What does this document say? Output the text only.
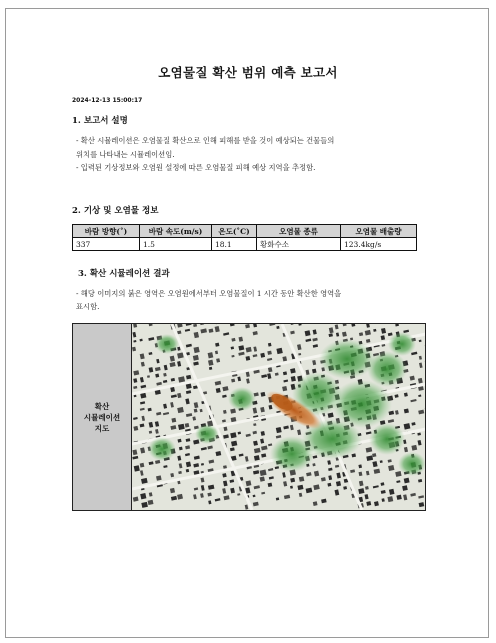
오염물질 확산 범위 예측 보고서
2024-12-13 15:00:17
1. 보고서 설명
- 확산 시뮬레이션은 오염물질 확산으로 인해 피해를 받을 것이 예상되는 건물들의
위치를 나타내는 시뮬레이션임.
- 입력된 기상정보와 오염원 설정에 따른 오염물질 피해 예상 지역을 추정함.
2. 기상 및 오염물 정보
바람 방향(˚)	바람 속도(m/s)	온도(˚C)	오염물 종류	오염물 배출량
337	1.5	18.1	황화수소	123.4kg/s
3. 확산 시뮬레이션 결과
- 해당 이미지의 붉은 영역은 오염원에서부터 오염물질이 1 시간 동안 확산한 영역을
표시함.
확산
시뮬레이션
지도
